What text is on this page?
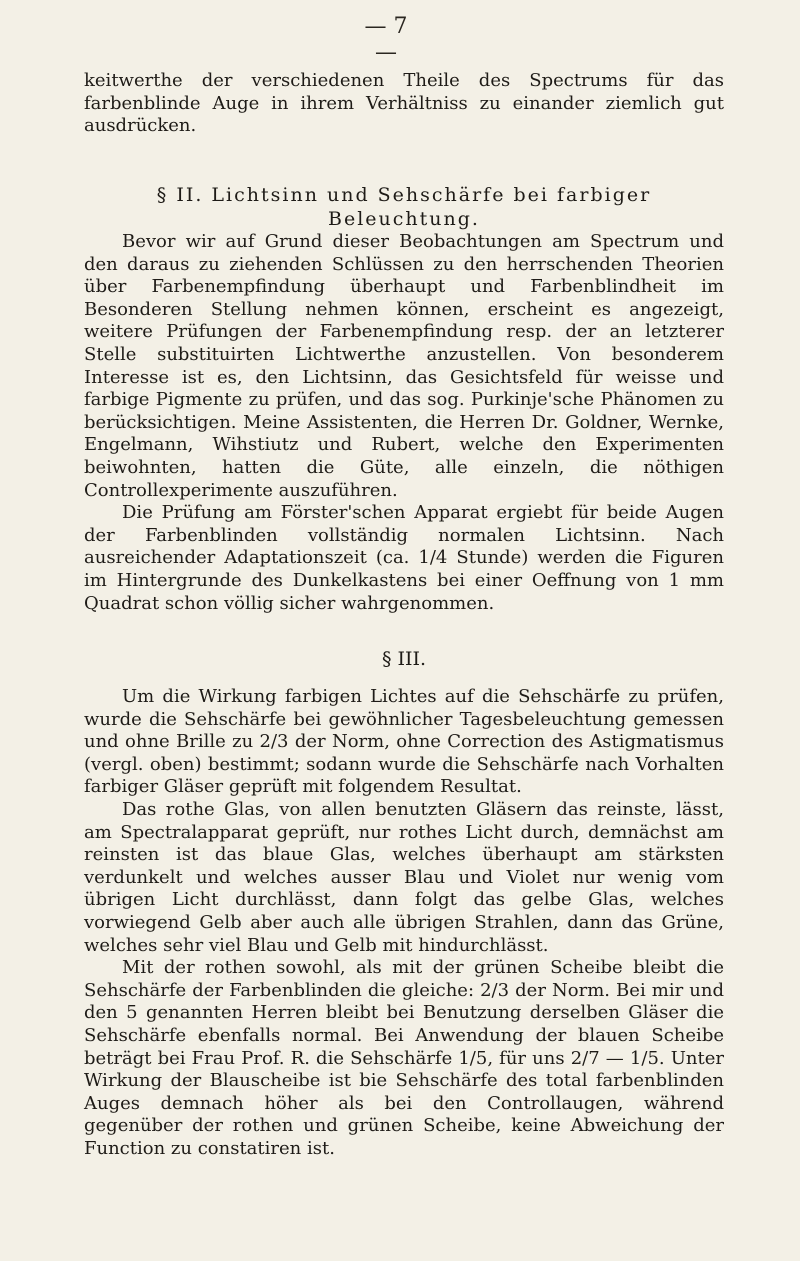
— 7 —

keitwerthe der verschiedenen Theile des Spectrums für das farbenblinde Auge in ihrem Verhältniss zu einander ziemlich gut ausdrücken.

§ II. Lichtsinn und Sehschärfe bei farbiger
Beleuchtung.

Bevor wir auf Grund dieser Beobachtungen am Spectrum und den daraus zu ziehenden Schlüssen zu den herrschenden Theorien über Farbenempfindung überhaupt und Farbenblindheit im Besonderen Stellung nehmen können, erscheint es angezeigt, weitere Prüfungen der Farbenempfindung resp. der an letzterer Stelle substituirten Lichtwerthe anzustellen. Von besonderem Interesse ist es, den Lichtsinn, das Gesichtsfeld für weisse und farbige Pigmente zu prüfen, und das sog. Purkinje'sche Phänomen zu berücksichtigen. Meine Assistenten, die Herren Dr. Goldner, Wernke, Engelmann, Wihstiutz und Rubert, welche den Experimenten beiwohnten, hatten die Güte, alle einzeln, die nöthigen Controllexperimente auszuführen.

Die Prüfung am Förster'schen Apparat ergiebt für beide Augen der Farbenblinden vollständig normalen Lichtsinn. Nach ausreichender Adaptationszeit (ca. 1/4 Stunde) werden die Figuren im Hintergrunde des Dunkelkastens bei einer Oeffnung von 1 mm Quadrat schon völlig sicher wahrgenommen.

§ III.

Um die Wirkung farbigen Lichtes auf die Sehschärfe zu prüfen, wurde die Sehschärfe bei gewöhnlicher Tagesbeleuchtung gemessen und ohne Brille zu 2/3 der Norm, ohne Correction des Astigmatismus (vergl. oben) bestimmt; sodann wurde die Sehschärfe nach Vorhalten farbiger Gläser geprüft mit folgendem Resultat.

Das rothe Glas, von allen benutzten Gläsern das reinste, lässt, am Spectralapparat geprüft, nur rothes Licht durch, demnächst am reinsten ist das blaue Glas, welches überhaupt am stärksten verdunkelt und welches ausser Blau und Violet nur wenig vom übrigen Licht durchlässt, dann folgt das gelbe Glas, welches vorwiegend Gelb aber auch alle übrigen Strahlen, dann das Grüne, welches sehr viel Blau und Gelb mit hindurchlässt.

Mit der rothen sowohl, als mit der grünen Scheibe bleibt die Sehschärfe der Farbenblinden die gleiche: 2/3 der Norm. Bei mir und den 5 genannten Herren bleibt bei Benutzung derselben Gläser die Sehschärfe ebenfalls normal. Bei Anwendung der blauen Scheibe beträgt bei Frau Prof. R. die Sehschärfe 1/5, für uns 2/7 — 1/5. Unter Wirkung der Blauscheibe ist bie Sehschärfe des total farbenblinden Auges demnach höher als bei den Controllaugen, während gegenüber der rothen und grünen Scheibe, keine Abweichung der Function zu constatiren ist.
